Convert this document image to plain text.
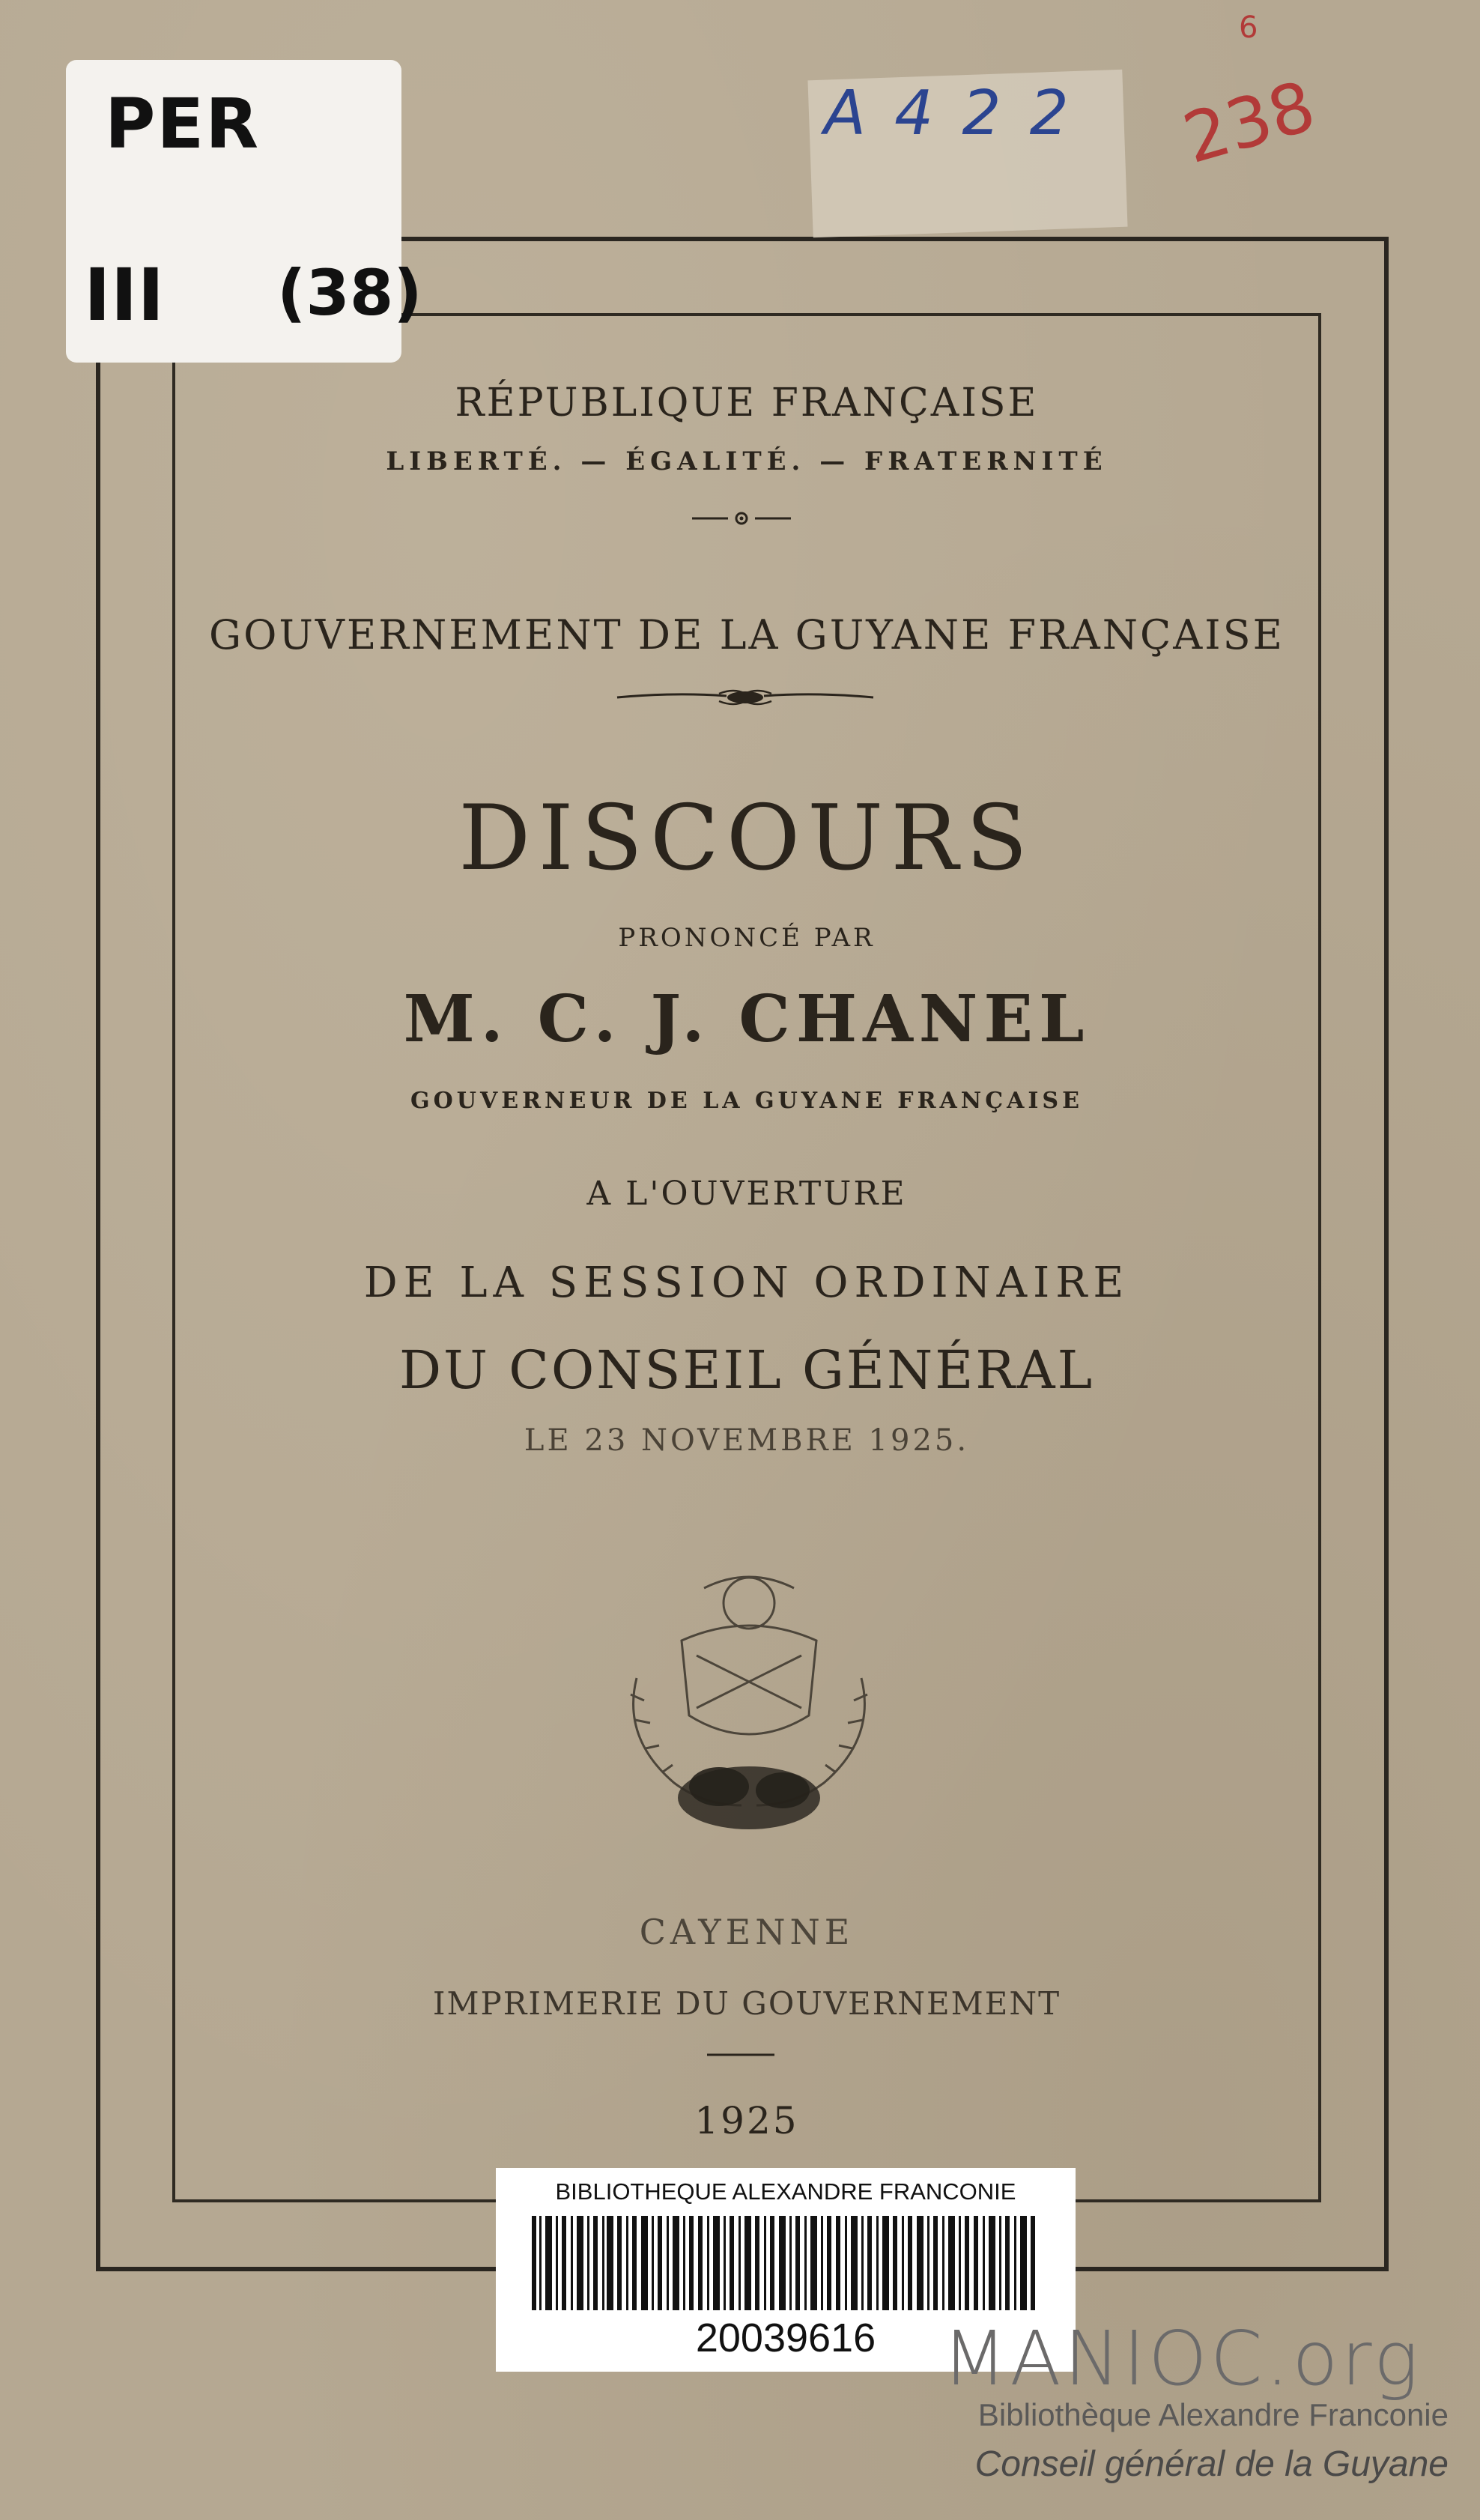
PER
III (38)
A 4 2 2 238
6
RÉPUBLIQUE FRANÇAISE
LIBERTÉ. — ÉGALITÉ. — FRATERNITÉ
GOUVERNEMENT DE LA GUYANE FRANÇAISE
DISCOURS
PRONONCÉ PAR
M. C. J. CHANEL
GOUVERNEUR DE LA GUYANE FRANÇAISE
A L'OUVERTURE
DE LA SESSION ORDINAIRE
DU CONSEIL GÉNÉRAL
LE 23 NOVEMBRE 1925.
CAYENNE
IMPRIMERIE DU GOUVERNEMENT
1925
BIBLIOTHEQUE ALEXANDRE FRANCONIE
20039616 MANIOC.org
Bibliothèque Alexandre Franconie
Conseil général de la Guyane
